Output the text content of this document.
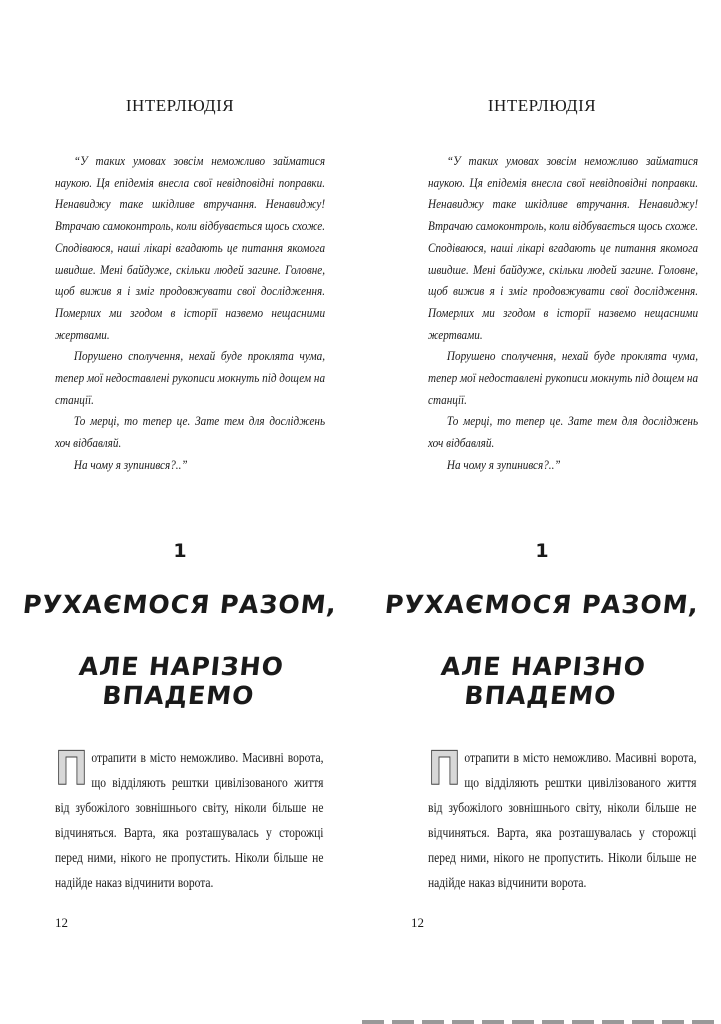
ІНТЕРЛЮДІЯ

“У таких умовах зовсім неможливо займатися наукою. Ця епідемія внесла свої невідповідні поправки. Ненавиджу таке шкідливе втручання. Ненавиджу! Втрачаю самоконтроль, коли відбувається щось схоже. Сподіваюся, наші лікарі вгадають це питання якомога швидше. Мені байдуже, скільки людей загине. Головне, щоб вижив я і зміг продовжувати свої дослідження. Померлих ми згодом в історії назвемо нещасними жертвами.

Порушено сполучення, нехай буде проклята чума, тепер мої недоставлені рукописи мокнуть під дощем на станції.

То мерці, то тепер це. Зате тем для досліджень хоч відбавляй.

На чому я зупинився?..”

1
РУХАЄМОСЯ РАЗОМ,
АЛЕ НАРІЗНО ВПАДЕМО
Потрапити в місто неможливо. Масивні ворота, що відділяють рештки цивілізованого життя від зубожілого зовнішнього світу, ніколи більше не відчиняться. Варта, яка розташувалась у сторожці перед ними, нікого не пропустить. Ніколи більше не надійде наказ відчинити ворота.
12
ІНТЕРЛЮДІЯ

“У таких умовах зовсім неможливо займатися наукою. Ця епідемія внесла свої невідповідні поправки. Ненавиджу таке шкідливе втручання. Ненавиджу! Втрачаю самоконтроль, коли відбувається щось схоже. Сподіваюся, наші лікарі вгадають це питання якомога швидше. Мені байдуже, скільки людей загине. Головне, щоб вижив я і зміг продовжувати свої дослідження. Померлих ми згодом в історії назвемо нещасними жертвами.

Порушено сполучення, нехай буде проклята чума, тепер мої недоставлені рукописи мокнуть під дощем на станції.

То мерці, то тепер це. Зате тем для досліджень хоч відбавляй.

На чому я зупинився?..”

1
РУХАЄМОСЯ РАЗОМ,
АЛЕ НАРІЗНО ВПАДЕМО
Потрапити в місто неможливо. Масивні ворота, що відділяють рештки цивілізованого життя від зубожілого зовнішнього світу, ніколи більше не відчиняться. Варта, яка розташувалась у сторожці перед ними, нікого не пропустить. Ніколи більше не надійде наказ відчинити ворота.
12
